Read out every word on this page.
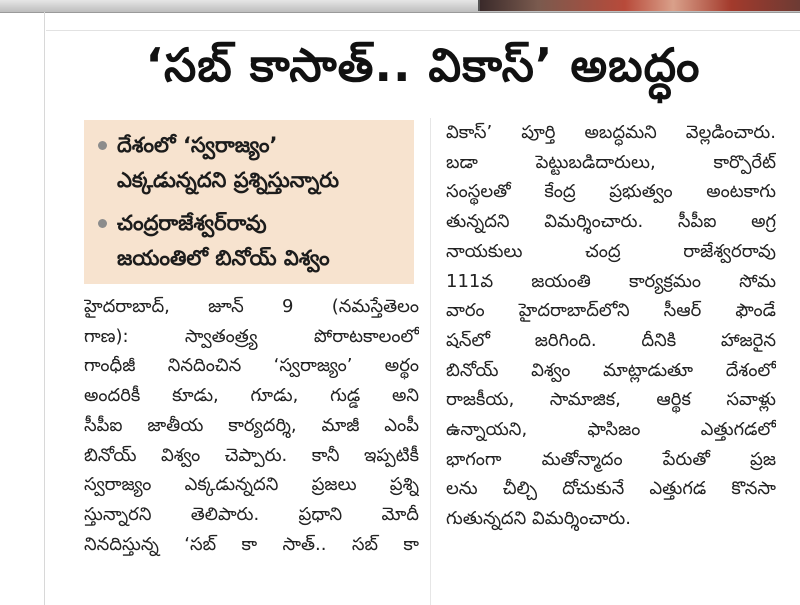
‘సబ్ కాసాత్.. వికాస్’ అబద్ధం
దేశంలో ‘స్వరాజ్యం’
ఎక్కడున్నదని ప్రశ్నిస్తున్నారు
చంద్రరాజేశ్వర్‌రావు
జయంతిలో బినోయ్ విశ్వం
హైదరాబాద్, జూన్ 9 (నమస్తేతెలం
గాణ): స్వాతంత్ర్య పోరాటకాలంలో
గాంధీజీ నినదించిన ‘స్వరాజ్యం’ అర్థం
అందరికీ కూడు, గూడు, గుడ్డ అని
సీపీఐ జాతీయ కార్యదర్శి, మాజీ ఎంపీ
బినోయ్ విశ్వం చెప్పారు. కానీ ఇప్పటికీ
స్వరాజ్యం ఎక్కడున్నదని ప్రజలు ప్రశ్ని
స్తున్నారని తెలిపారు. ప్రధాని మోదీ
నినదిస్తున్న ‘సబ్ కా సాత్.. సబ్ కా
వికాస్’ పూర్తి అబద్ధమని వెల్లడించారు.
బడా పెట్టుబడిదారులు, కార్పొరేట్
సంస్థలతో కేంద్ర ప్రభుత్వం అంటకాగు
తున్నదని విమర్శించారు. సీపీఐ అగ్ర
నాయకులు చంద్ర రాజేశ్వరరావు
111వ జయంతి కార్యక్రమం సోమ
వారం హైదరాబాద్‌లోని సీఆర్ ఫౌండే
షన్‌లో జరిగింది. దీనికి హాజరైన
బినోయ్ విశ్వం మాట్లాడుతూ దేశంలో
రాజకీయ, సామాజిక, ఆర్థిక సవాళ్లు
ఉన్నాయని, ఫాసిజం ఎత్తుగడలో
భాగంగా మతోన్మాదం పేరుతో ప్రజ
లను చీల్చి దోచుకునే ఎత్తుగడ కొనసా
గుతున్నదని విమర్శించారు.
